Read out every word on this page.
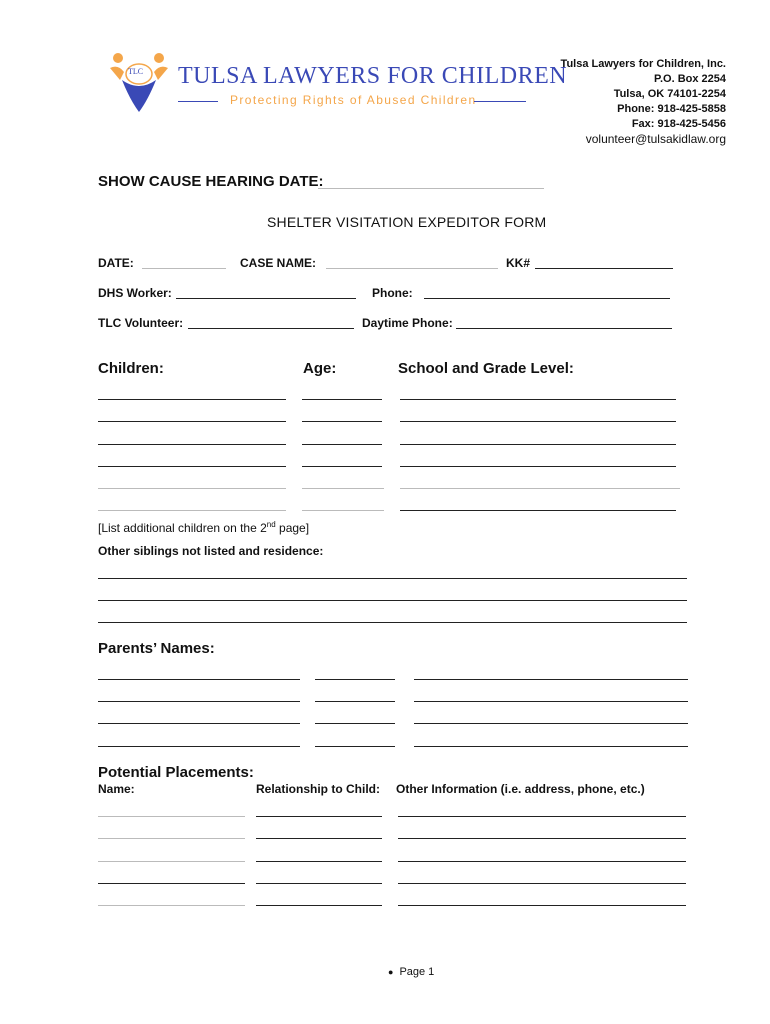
TLC TULSA LAWYERS FOR CHILDREN
Protecting Rights of Abused Children
Tulsa Lawyers for Children, Inc.
P.O. Box 2254
Tulsa, OK 74101-2254
Phone: 918-425-5858
Fax: 918-425-5456
volunteer@tulsakidlaw.org
SHOW CAUSE HEARING DATE:
SHELTER VISITATION EXPEDITOR FORM
DATE:	CASE NAME:	KK#
DHS Worker:	Phone:
TLC Volunteer:	Daytime Phone:
Children:	Age:	School and Grade Level:
[List additional children on the 2nd page]
Other siblings not listed and residence:
Parents’ Names:
Potential Placements:
Name:	Relationship to Child: Other Information (i.e. address, phone, etc.)
● Page 1
